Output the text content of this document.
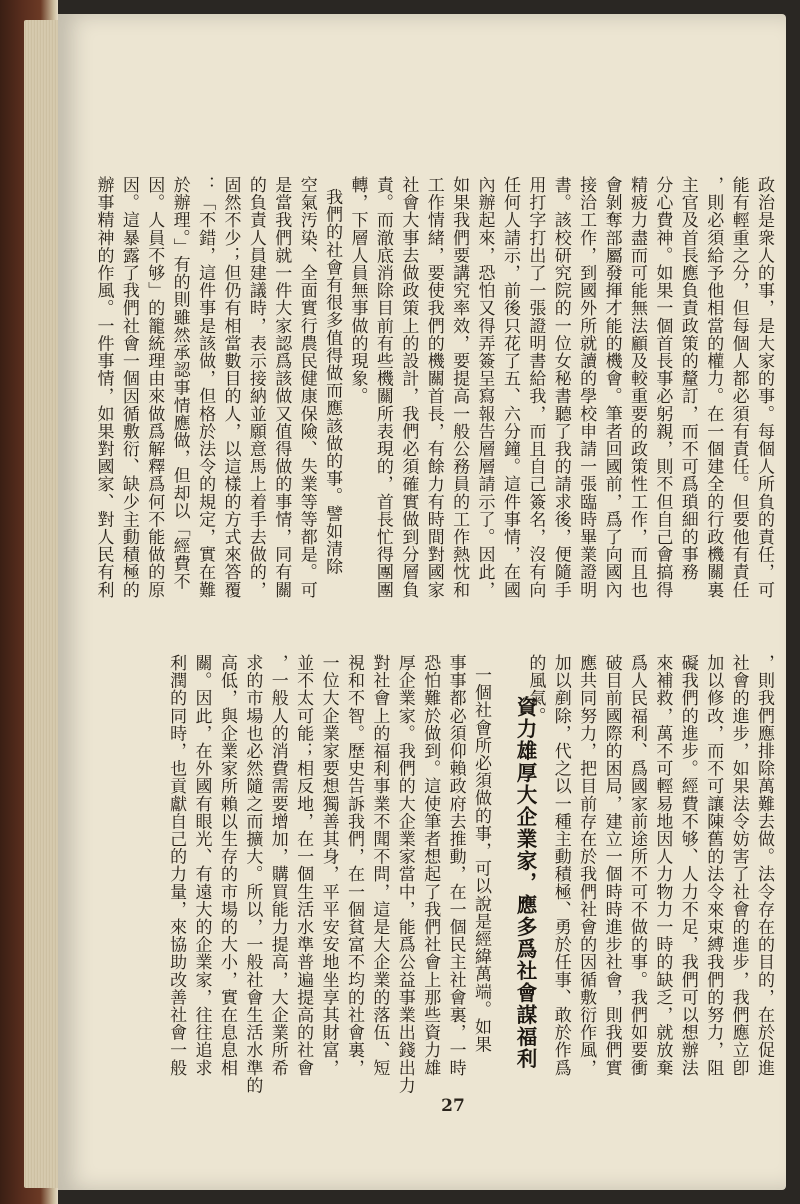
政治是衆人的事，是大家的事。每個人所負的責任，可
能有輕重之分，但每個人都必須有責任。但要他有責任
，則必須給予他相當的權力。在一個建全的行政機關裏
主官及首長應負責政策的釐訂，而不可爲瑣細的事務
分心費神。如果一個首長事必躬親，則不但自己會搞得
精疲力盡而可能無法顧及較重要的政策性工作，而且也
會剝奪部屬發揮才能的機會。筆者回國前，爲了向國內
接洽工作，到國外所就讀的學校申請一張臨時畢業證明
書。該校研究院的一位女秘書聽了我的請求後，便隨手
用打字打出了一張證明書給我，而且自己簽名，沒有向
任何人請示，前後只花了五、六分鐘。這件事情，在國
內辦起來，恐怕又得弄簽呈寫報告層層請示了。因此，
如果我們要講究率效，要提高一般公務員的工作熱忱和
工作情緒，要使我們的機關首長，有餘力有時間對國家
社會大事去做政策上的設計，我們必須確實做到分層負
責。而澈底消除目前有些機關所表現的，首長忙得團團
轉，下層人員無事做的現象。
我們的社會有很多值得做而應該做的事。譬如清除
空氣汚染、全面實行農民健康保險、失業等等都是。可
是當我們就一件大家認爲該做又值得做的事情，同有關
的負責人員建議時，表示接納並願意馬上着手去做的，
固然不少；但仍有相當數目的人，以這樣的方式來答覆
：「不錯，這件事是該做，但格於法令的規定，實在難
於辦理。」有的則雖然承認事情應做，但却以「經費不
因。人員不够」的籠統理由來做爲解釋爲何不能做的原
因。這暴露了我們社會一個因循敷衍、缺少主動積極的
辦事精神的作風。一件事情，如果對國家、對人民有利
，則我們應排除萬難去做。法令存在的目的，在於促進
社會的進步，如果法令妨害了社會的進步，我們應立卽
加以修改，而不可讓陳舊的法令來束縛我們的努力，阻
礙我們的進步。經費不够、人力不足，我們可以想辦法
來補救，萬不可輕易地因人力物力一時的缺乏，就放棄
爲人民福利、爲國家前途所不可不做的事。我們如要衝
破目前國際的困局，建立一個時時進步社會，則我們實
應共同努力，把目前存在於我們社會的因循敷衍作風，
加以剷除，代之以一種主動積極、勇於任事、敢於作爲
的風氣。
資力雄厚大企業家，應多爲社會謀福利
一個社會所必須做的事，可以說是經緯萬端。如果
事事都必須仰賴政府去推動，在一個民主社會裏，一時
恐怕難於做到。這使筆者想起了我們社會上那些資力雄
厚企業家。我們的大企業家當中，能爲公益事業出錢出力
對社會上的福利事業不聞不問，這是大企業的落伍、短
視和不智。歷史告訴我們，在一個貧富不均的社會裏，
一位大企業家要想獨善其身，平平安安地坐享其財富，
並不太可能；相反地，在一個生活水準普遍提高的社會
，一般人的消費需要增加，購買能力提高，大企業所希
求的市場也必然隨之而擴大。所以，一般社會生活水準的
高低，與企業家所賴以生存的市場的大小，實在息息相
關。因此，在外國有眼光、有遠大的企業家，往往追求
利潤的同時，也貢獻自己的力量，來協助改善社會一般
27
